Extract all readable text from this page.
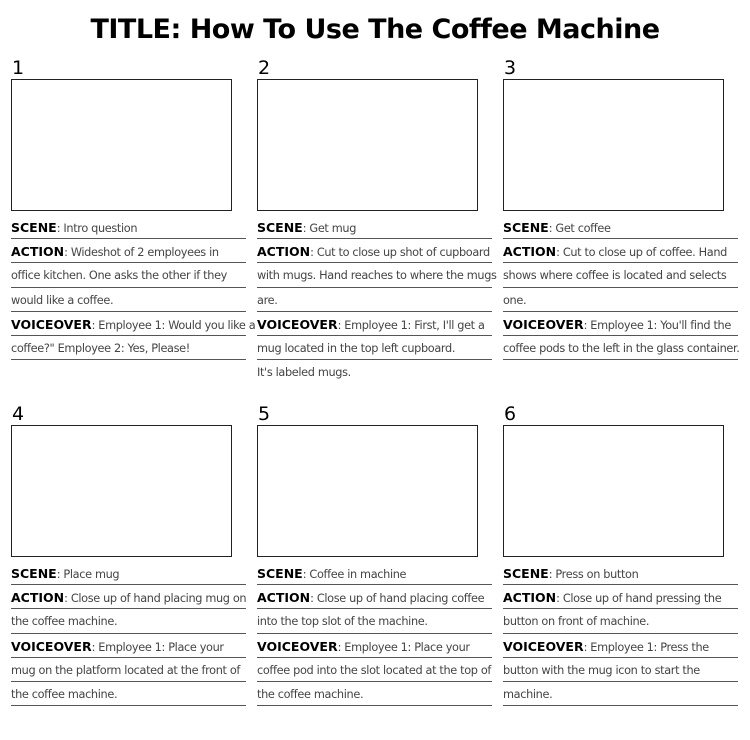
TITLE: How To Use The Coffee Machine
1
SCENE: Intro question
ACTION: Wideshot of 2 employees in
office kitchen. One asks the other if they
would like a coffee.
VOICEOVER: Employee 1: Would you like a
coffee?" Employee 2: Yes, Please!
2
SCENE: Get mug
ACTION: Cut to close up shot of cupboard
with mugs. Hand reaches to where the mugs
are.
VOICEOVER: Employee 1: First, I'll get a
mug located in the top left cupboard.
It's labeled mugs.
3
SCENE: Get coffee
ACTION: Cut to close up of coffee. Hand
shows where coffee is located and selects
one.
VOICEOVER: Employee 1: You'll find the
coffee pods to the left in the glass container.
4
SCENE: Place mug
ACTION: Close up of hand placing mug on
the coffee machine.
VOICEOVER: Employee 1: Place your
mug on the platform located at the front of
the coffee machine.
5
SCENE: Coffee in machine
ACTION: Close up of hand placing coffee
into the top slot of the machine.
VOICEOVER: Employee 1: Place your
coffee pod into the slot located at the top of
the coffee machine.
6
SCENE: Press on button
ACTION: Close up of hand pressing the
button on front of machine.
VOICEOVER: Employee 1: Press the
button with the mug icon to start the
machine.
